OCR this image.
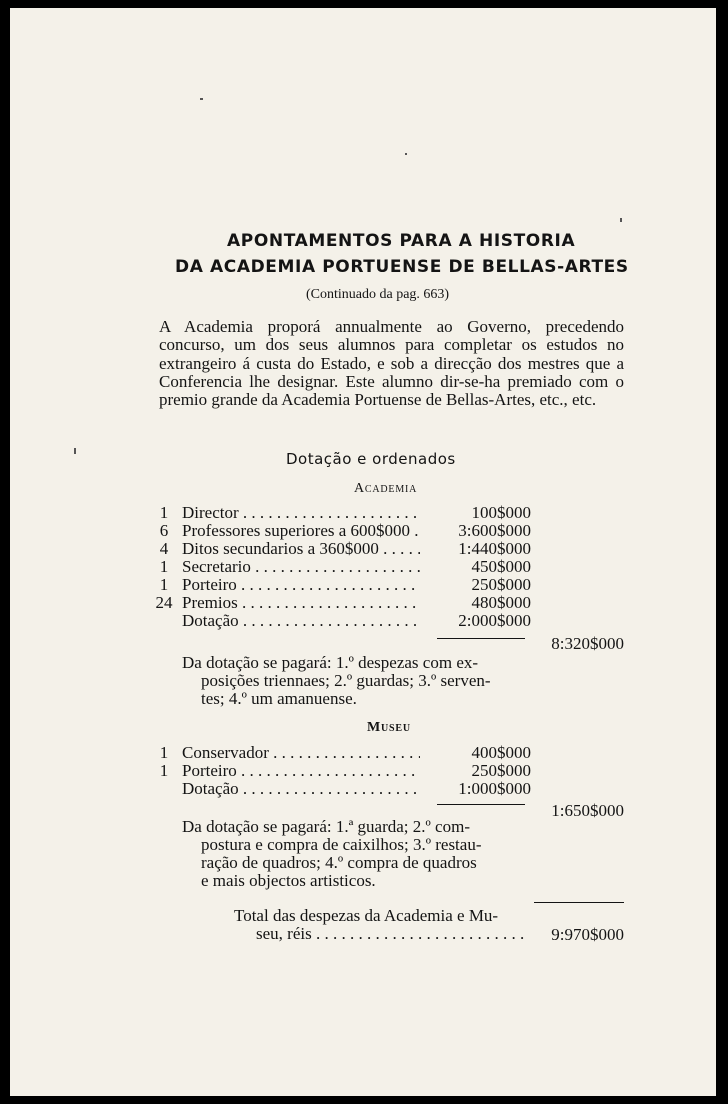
APONTAMENTOS PARA A HISTORIA
DA ACADEMIA PORTUENSE DE BELLAS-ARTES
(Continuado da pag. 663)
A Academia proporá annualmente ao Governo, precedendo concurso, um dos seus alumnos para completar os estudos no extrangeiro á custa do Estado, e sob a direcção dos mestres que a Conferencia lhe designar. Este alumno dir-se-ha premiado com o premio grande da Academia Portuense de Bellas-Artes, etc., etc.
Dotação e ordenados
Academia
1 Director . . .	100$000
6 Professores superiores a 600$000 . . .	3:600$000
4 Ditos secundarios a 360$000 . . .	1:440$000
1 Secretario . . .	450$000
1 Porteiro . . .	250$000
24 Premios . . .	480$000
Dotação . . .	2:000$000
8:320$000
Da dotação se pagará: 1.º despezas com ex-
posições triennaes; 2.º guardas; 3.º serven-
tes; 4.º um amanuense.
Museu
1 Conservador . . .	400$000
1 Porteiro . . .	250$000
Dotação . . .	1:000$000
1:650$000
Da dotação se pagará: 1.ª guarda; 2.º com-
postura e compra de caixilhos; 3.º restau-
ração de quadros; 4.º compra de quadros
e mais objectos artisticos.
Total das despezas da Academia e Mu-
seu, réis . . .	9:970$000
